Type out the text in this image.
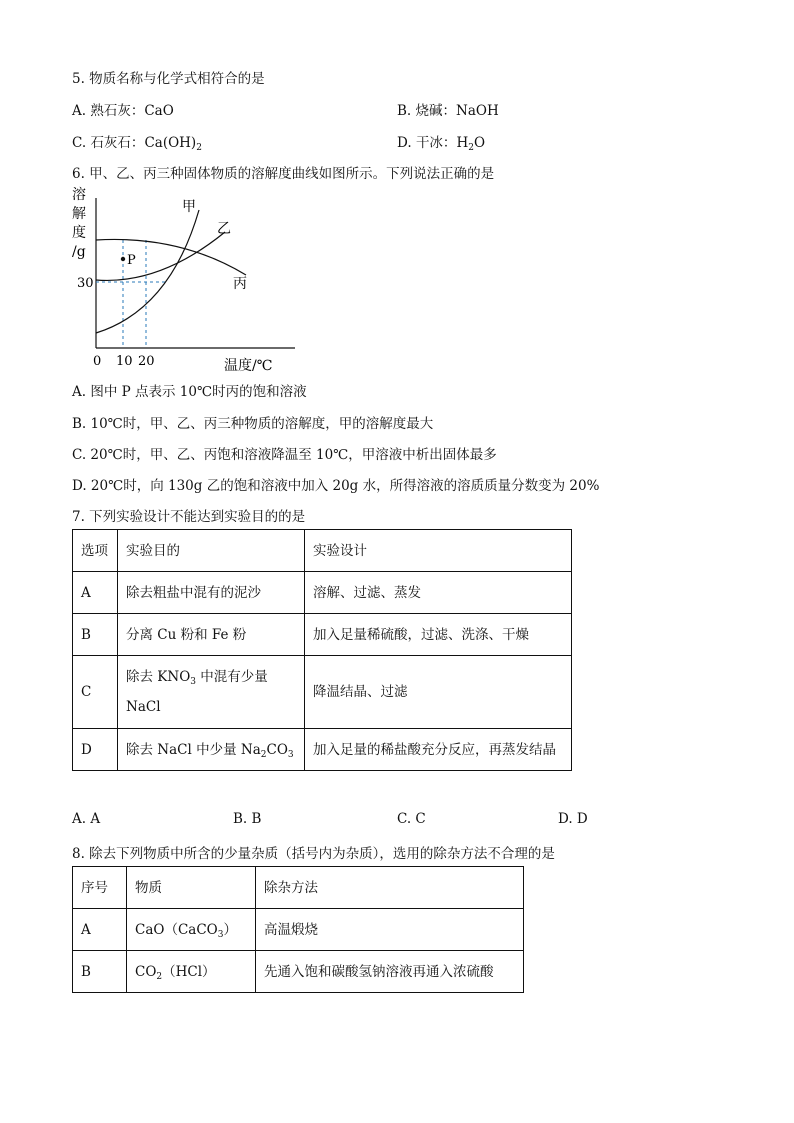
5. 物质名称与化学式相符合的是
A. 熟石灰：CaO	B. 烧碱：NaOH
C. 石灰石：$Ca(OH)_2$	D. 干冰：$H_2O$
6. 甲、乙、丙三种固体物质的溶解度曲线如图所示。下列说法正确的是
溶
解
度
/g
P
甲
乙
丙
30
0 10 20	温度/℃
A. 图中 P 点表示 10℃时丙的饱和溶液
B. 10℃时，甲、乙、丙三种物质的溶解度，甲的溶解度最大
C. 20℃时，甲、乙、丙饱和溶液降温至 10℃，甲溶液中析出固体最多
D. 20℃时，向 130g 乙的饱和溶液中加入 20g 水，所得溶液的溶质质量分数变为 20%
7. 下列实验设计不能达到实验目的的是
选项	实验目的	实验设计
A	除去粗盐中混有的泥沙	溶解、过滤、蒸发
B	分离 Cu 粉和 Fe 粉	加入足量稀硫酸，过滤、洗涤、干燥
C	除去 $KNO_3$ 中混有少量
NaCl	降温结晶、过滤
D	除去 NaCl 中少量 $Na_2CO_3$	加入足量的稀盐酸充分反应，再蒸发结晶
A. A	B. B	C. C	D. D
8. 除去下列物质中所含的少量杂质（括号内为杂质），选用的除杂方法不合理的是
序号	物质	除杂方法
A	CaO（CaCO$_3$）	高温煅烧
B	$CO_2(HCl)$	先通入饱和碳酸氢钠溶液再通入浓硫酸
